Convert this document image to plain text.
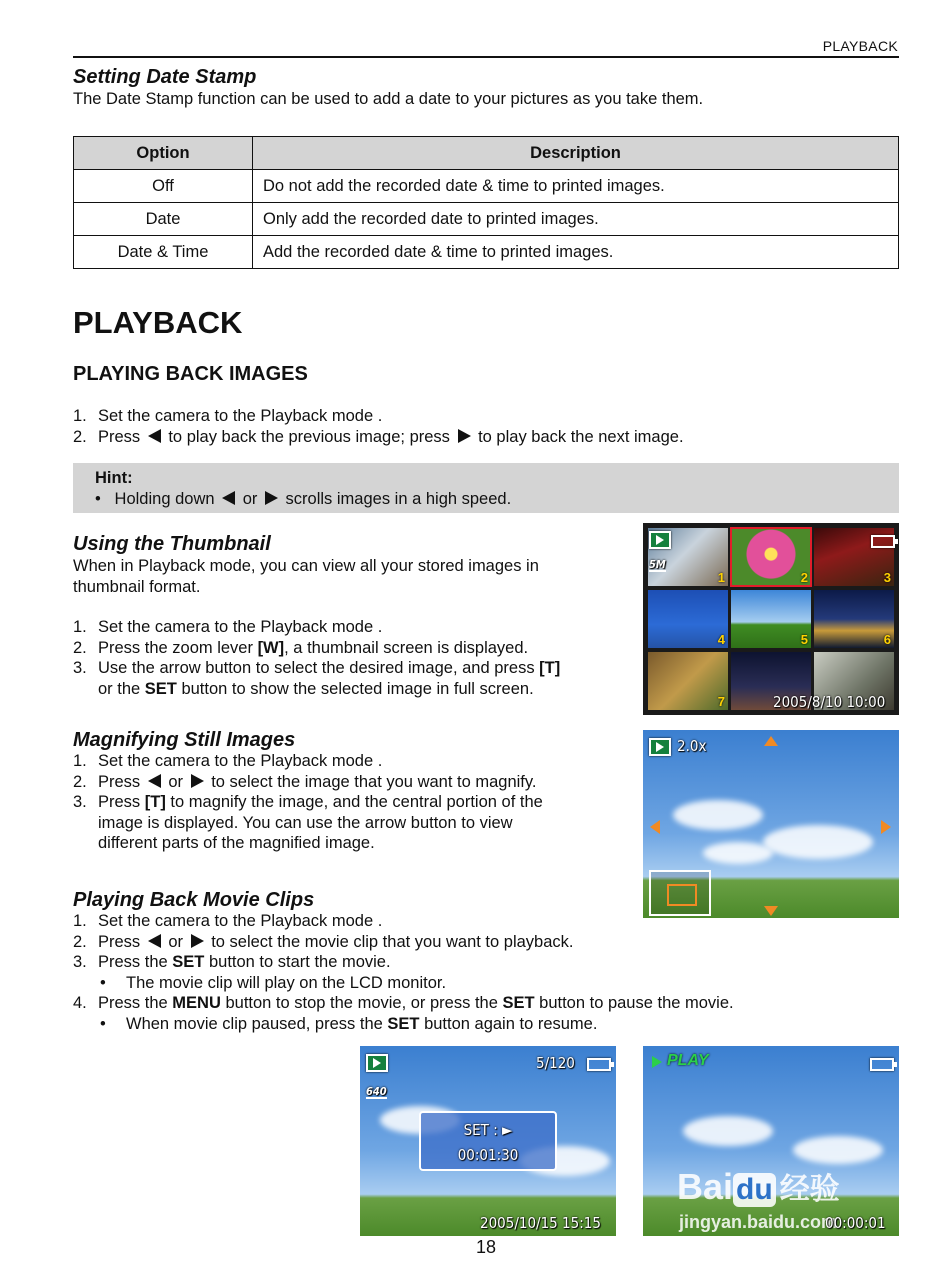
PLAYBACK
Setting Date Stamp
The Date Stamp function can be used to add a date to your pictures as you take them.
Option	Description
Off	Do not add the recorded date & time to printed images.
Date	Only add the recorded date to printed images.
Date & Time	Add the recorded date & time to printed images.
PLAYBACK
PLAYING BACK IMAGES
1. Set the camera to the Playback mode .
2. Press  to play back the previous image; press  to play back the next image.
Hint:
• Holding down  or  scrolls images in a high speed.
Using the Thumbnail
When in Playback mode, you can view all your stored images in
thumbnail format.
1. Set the camera to the Playback mode .
2. Press the zoom lever [W], a thumbnail screen is displayed.
3. Use the arrow button to select the desired image, and press [T]
or the SET button to show the selected image in full screen.
1	2	3
4	5	6
7
5M
2005/8/10 10:00
Magnifying Still Images
1. Set the camera to the Playback mode .
2. Press  or  to select the image that you want to magnify.
3. Press [T] to magnify the image, and the central portion of the
image is displayed. You can use the arrow button to view
different parts of the magnified image.
2.0x
Playing Back Movie Clips
1. Set the camera to the Playback mode .
2. Press  or  to select the movie clip that you want to playback.
3. Press the SET button to start the movie.
• The movie clip will play on the LCD monitor.
4. Press the MENU button to stop the movie, or press the SET button to pause the movie.
• When movie clip paused, press the SET button again to resume.
5/120
640
SET : ►
00:01:30
2005/10/15 15:15
PLAY
Bai du 经验
jingyan.baidu.com
00:00:01
18
